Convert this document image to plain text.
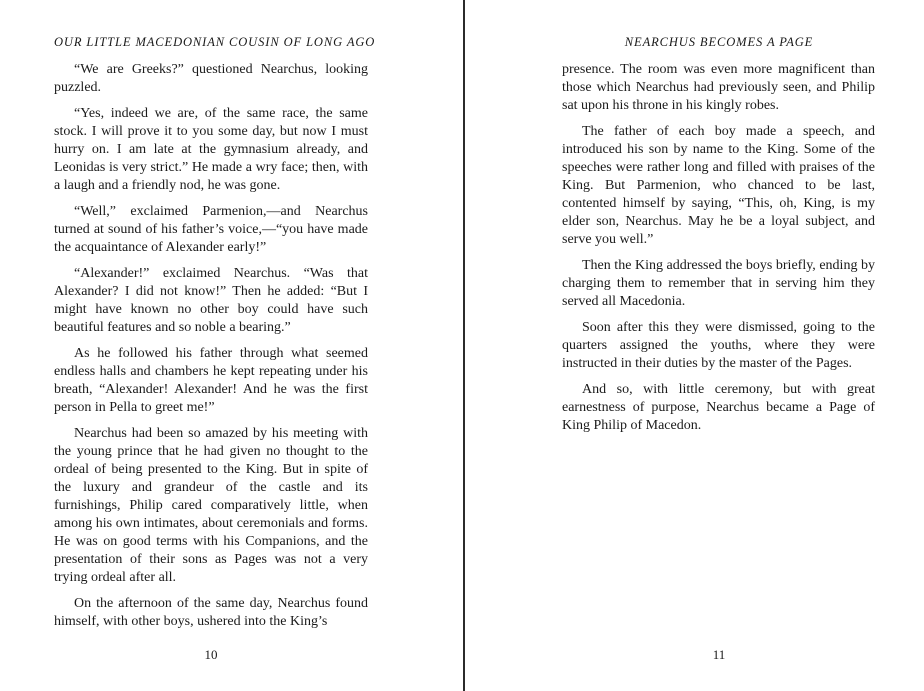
OUR LITTLE MACEDONIAN COUSIN OF LONG AGO

“We are Greeks?” questioned Nearchus, looking puzzled.

“Yes, indeed we are, of the same race, the same stock. I will prove it to you some day, but now I must hurry on. I am late at the gymnasium already, and Leonidas is very strict.” He made a wry face; then, with a laugh and a friendly nod, he was gone.

“Well,” exclaimed Parmenion,—and Nearchus turned at sound of his father’s voice,—“you have made the acquaintance of Alexander early!”

“Alexander!” exclaimed Nearchus. “Was that Alexander? I did not know!” Then he added: “But I might have known no other boy could have such beautiful features and so noble a bearing.”

As he followed his father through what seemed endless halls and chambers he kept repeating under his breath, “Alexander! Alexander! And he was the first person in Pella to greet me!”

Nearchus had been so amazed by his meeting with the young prince that he had given no thought to the ordeal of being presented to the King. But in spite of the luxury and grandeur of the castle and its furnishings, Philip cared comparatively little, when among his own intimates, about ceremonials and forms. He was on good terms with his Companions, and the presentation of their sons as Pages was not a very trying ordeal after all.

On the afternoon of the same day, Nearchus found himself, with other boys, ushered into the King’s

10
NEARCHUS BECOMES A PAGE

presence. The room was even more magnificent than those which Nearchus had previously seen, and Philip sat upon his throne in his kingly robes.

The father of each boy made a speech, and introduced his son by name to the King. Some of the speeches were rather long and filled with praises of the King. But Parmenion, who chanced to be last, contented himself by saying, “This, oh, King, is my elder son, Nearchus. May he be a loyal subject, and serve you well.”

Then the King addressed the boys briefly, ending by charging them to remember that in serving him they served all Macedonia.

Soon after this they were dismissed, going to the quarters assigned the youths, where they were instructed in their duties by the master of the Pages.

And so, with little ceremony, but with great earnestness of purpose, Nearchus became a Page of King Philip of Macedon.

11
